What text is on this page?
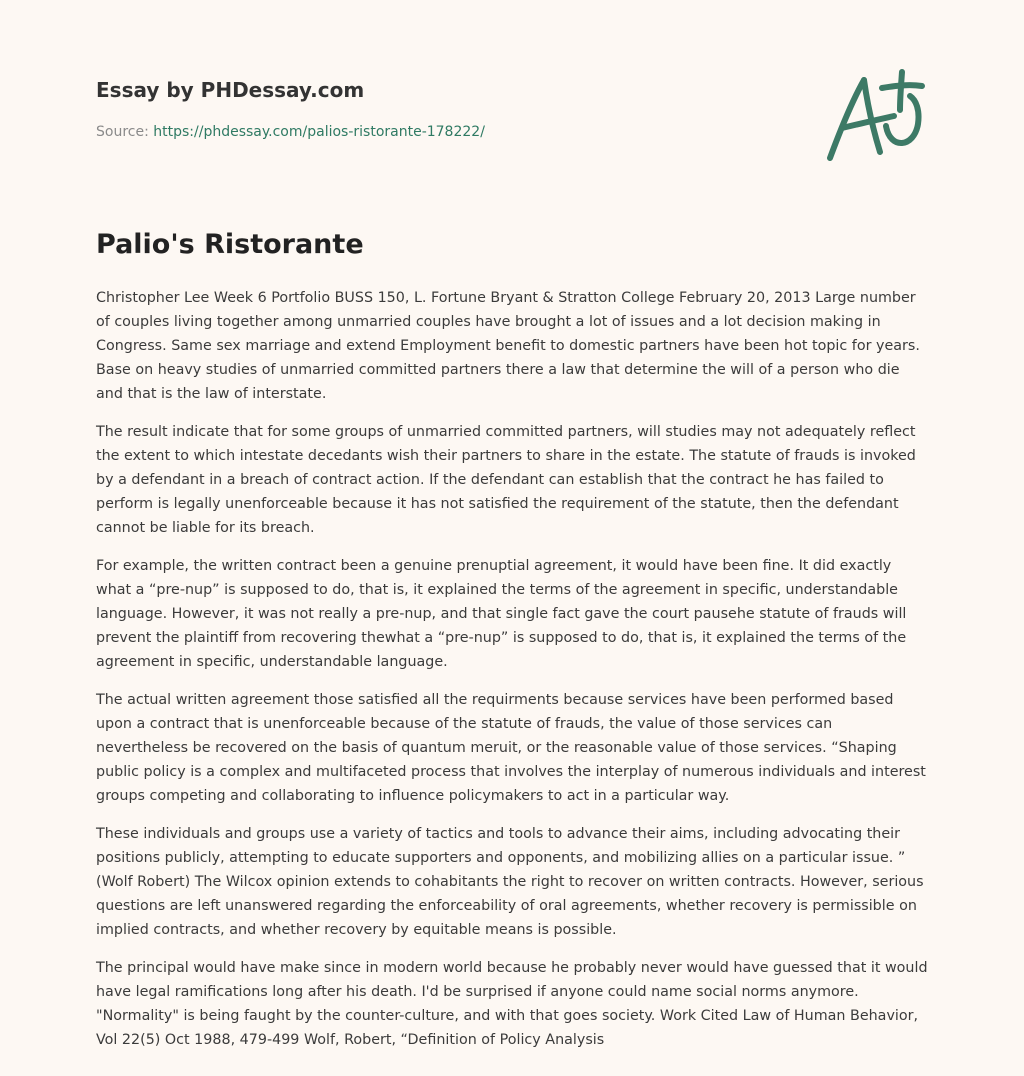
Essay by PHDessay.com
Source: https://phdessay.com/palios-ristorante-178222/
Palio's Ristorante

Christopher Lee Week 6 Portfolio BUSS 150, L. Fortune Bryant & Stratton College February 20, 2013 Large number of couples living together among unmarried couples have brought a lot of issues and a lot decision making in Congress. Same sex marriage and extend Employment benefit to domestic partners have been hot topic for years. Base on heavy studies of unmarried committed partners there a law that determine the will of a person who die and that is the law of interstate.

The result indicate that for some groups of unmarried committed partners, will studies may not adequately reflect the extent to which intestate decedants wish their partners to share in the estate. The statute of frauds is invoked by a defendant in a breach of contract action. If the defendant can establish that the contract he has failed to perform is legally unenforceable because it has not satisfied the requirement of the statute, then the defendant cannot be liable for its breach.

For example, the written contract been a genuine prenuptial agreement, it would have been fine. It did exactly what a “pre-nup” is supposed to do, that is, it explained the terms of the agreement in specific, understandable language. However, it was not really a pre-nup, and that single fact gave the court pausehe statute of frauds will prevent the plaintiff from recovering thewhat a “pre-nup” is supposed to do, that is, it explained the terms of the agreement in specific, understandable language.

The actual written agreement those satisfied all the requirments because services have been performed based upon a contract that is unenforceable because of the statute of frauds, the value of those services can nevertheless be recovered on the basis of quantum meruit, or the reasonable value of those services. “Shaping public policy is a complex and multifaceted process that involves the interplay of numerous individuals and interest groups competing and collaborating to influence policymakers to act in a particular way.

These individuals and groups use a variety of tactics and tools to advance their aims, including advocating their positions publicly, attempting to educate supporters and opponents, and mobilizing allies on a particular issue. ” (Wolf Robert) The Wilcox opinion extends to cohabitants the right to recover on written contracts. However, serious questions are left unanswered regarding the enforceability of oral agreements, whether recovery is permissible on implied contracts, and whether recovery by equitable means is possible.

The principal would have make since in modern world because he probably never would have guessed that it would have legal ramifications long after his death. I'd be surprised if anyone could name social norms anymore. "Normality" is being faught by the counter-culture, and with that goes society. Work Cited Law of Human Behavior, Vol 22(5) Oct 1988, 479-499 Wolf, Robert, “Definition of Policy Analysis
